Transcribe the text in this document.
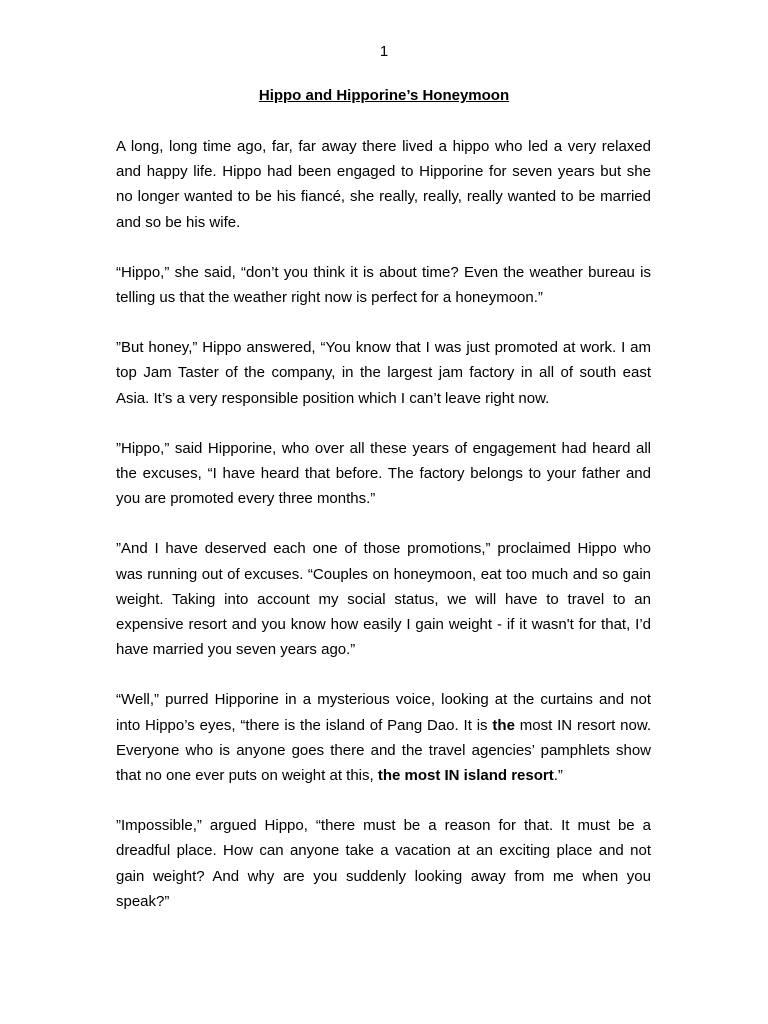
1
Hippo and Hipporine’s Honeymoon

A long, long time ago, far, far away there lived a hippo who led a very relaxed and happy life. Hippo had been engaged to Hipporine for seven years but she no longer wanted to be his fiancé, she really, really, really wanted to be married and so be his wife.

“Hippo,” she said, “don’t you think it is about time? Even the weather bureau is telling us that the weather right now is perfect for a honeymoon.”

”But honey,” Hippo answered, “You know that I was just promoted at work. I am top Jam Taster of the company, in the largest jam factory in all of south east Asia. It’s a very responsible position which I can’t leave right now.

”Hippo,” said Hipporine, who over all these years of engagement had heard all the excuses, “I have heard that before. The factory belongs to your father and you are promoted every three months.”

”And I have deserved each one of those promotions,” proclaimed Hippo who was running out of excuses. “Couples on honeymoon, eat too much and so gain weight. Taking into account my social status, we will have to travel to an expensive resort and you know how easily I gain weight - if it wasn't for that, I’d have married you seven years ago.”

“Well,” purred Hipporine in a mysterious voice, looking at the curtains and not into Hippo’s eyes, “there is the island of Pang Dao. It is the most IN resort now. Everyone who is anyone goes there and the travel agencies’ pamphlets show that no one ever puts on weight at this, the most IN island resort.”

”Impossible,” argued Hippo, “there must be a reason for that. It must be a dreadful place. How can anyone take a vacation at an exciting place and not gain weight? And why are you suddenly looking away from me when you speak?”
